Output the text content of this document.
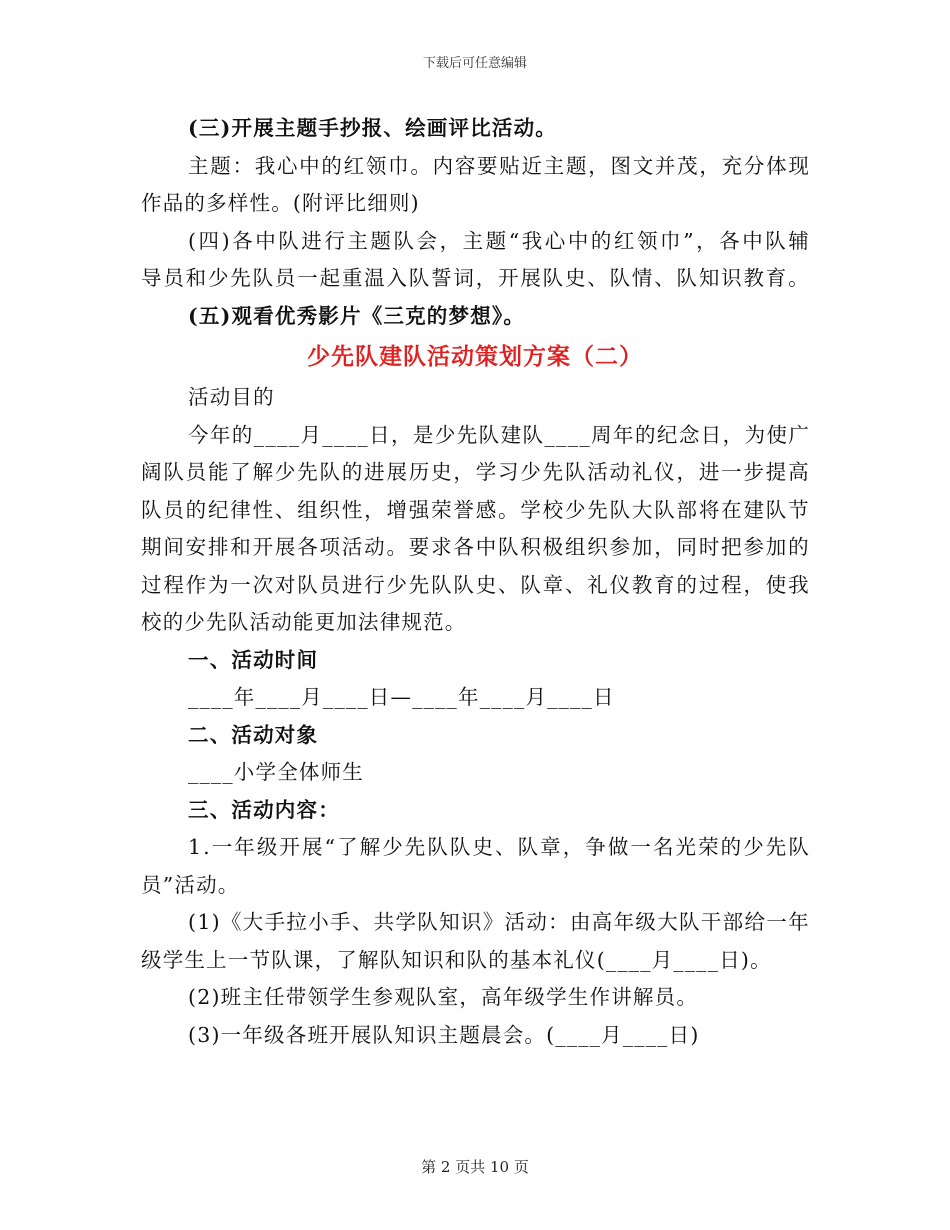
下载后可任意编辑
(三)开展主题手抄报、绘画评比活动。
主 题 ： 我 心 中 的 红 领 巾 。 内 容 要 贴 近 主 题 ， 图 文 并 茂 ， 充 分 体 现
作品的多样性。(附评比细则)
( 四 ) 各 中 队 进 行 主 题 队 会 ， 主 题 “ 我 心 中 的 红 领 巾 ” ， 各 中 队 辅
导 员 和 少 先 队 员 一 起 重 温 入 队 誓 词 ， 开 展 队 史 、 队 情 、 队 知 识 教 育 。
(五)观看优秀影片《三克的梦想》。
少先队建队活动策划方案（二）
活动目的
今 年 的 _ _ _ _ 月 _ _ _ _ 日 ， 是 少 先 队 建 队 _ _ _ _ 周 年 的 纪 念 日 ， 为 使 广
阔 队 员 能 了 解 少 先 队 的 进 展 历 史 ， 学 习 少 先 队 活 动 礼 仪 ， 进 一 步 提 高
队 员 的 纪 律 性 、 组 织 性 ， 增 强 荣 誉 感 。 学 校 少 先 队 大 队 部 将 在 建 队 节
期 间 安 排 和 开 展 各 项 活 动 。 要 求 各 中 队 积 极 组 织 参 加 ， 同 时 把 参 加 的
过 程 作 为 一 次 对 队 员 进 行 少 先 队 队 史 、 队 章 、 礼 仪 教 育 的 过 程 ， 使 我
校的少先队活动能更加法律规范。
一、活动时间
____年____月____日—____年____月____日
二、活动对象
____小学全体师生
三、活动内容：
1 . 一 年 级 开 展 “ 了 解 少 先 队 队 史 、 队 章 ， 争 做 一 名 光 荣 的 少 先 队
员”活动。
( 1 ) 《 大 手 拉 小 手 、 共 学 队 知 识 》 活 动 ： 由 高 年 级 大 队 干 部 给 一 年
级学生上一节队课，了解队知识和队的基本礼仪(____月____日)。
(2)班主任带领学生参观队室，高年级学生作讲解员。
(3)一年级各班开展队知识主题晨会。(____月____日)
第 2 页共 10 页
